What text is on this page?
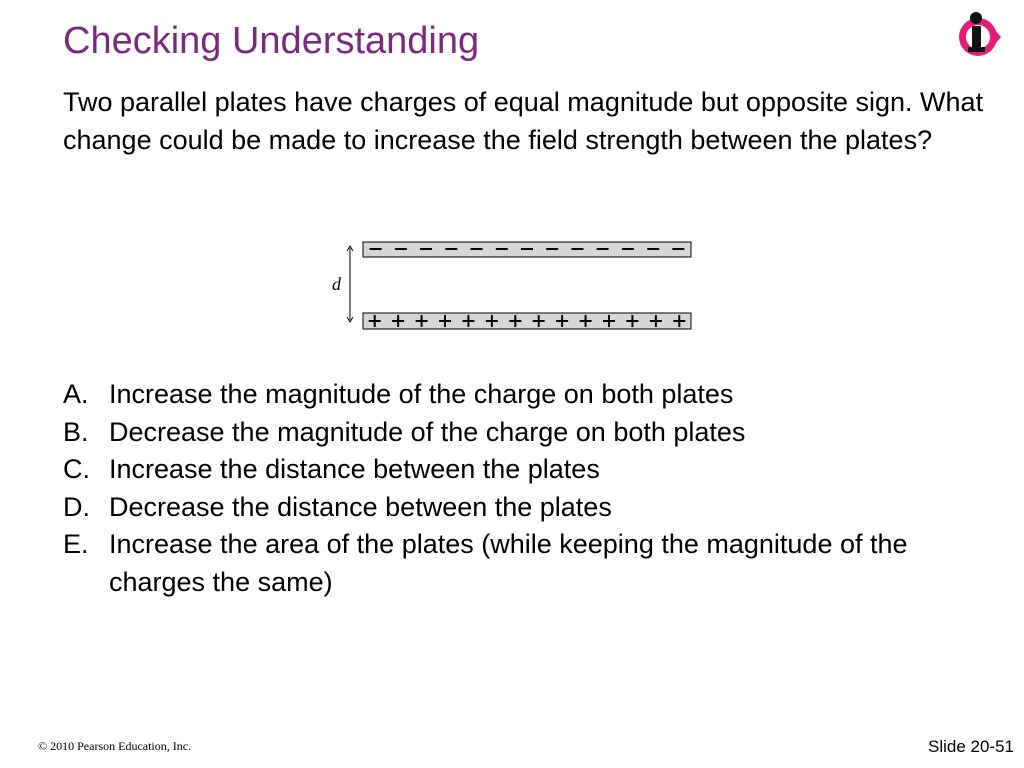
Checking Understanding
Two parallel plates have charges of equal magnitude but opposite sign. What change could be made to increase the field strength between the plates?
d
A. Increase the magnitude of the charge on both plates
B. Decrease the magnitude of the charge on both plates
C. Increase the distance between the plates
D. Decrease the distance between the plates
E. Increase the area of the plates (while keeping the magnitude of the charges the same)
© 2010 Pearson Education, Inc.	Slide 20-51
